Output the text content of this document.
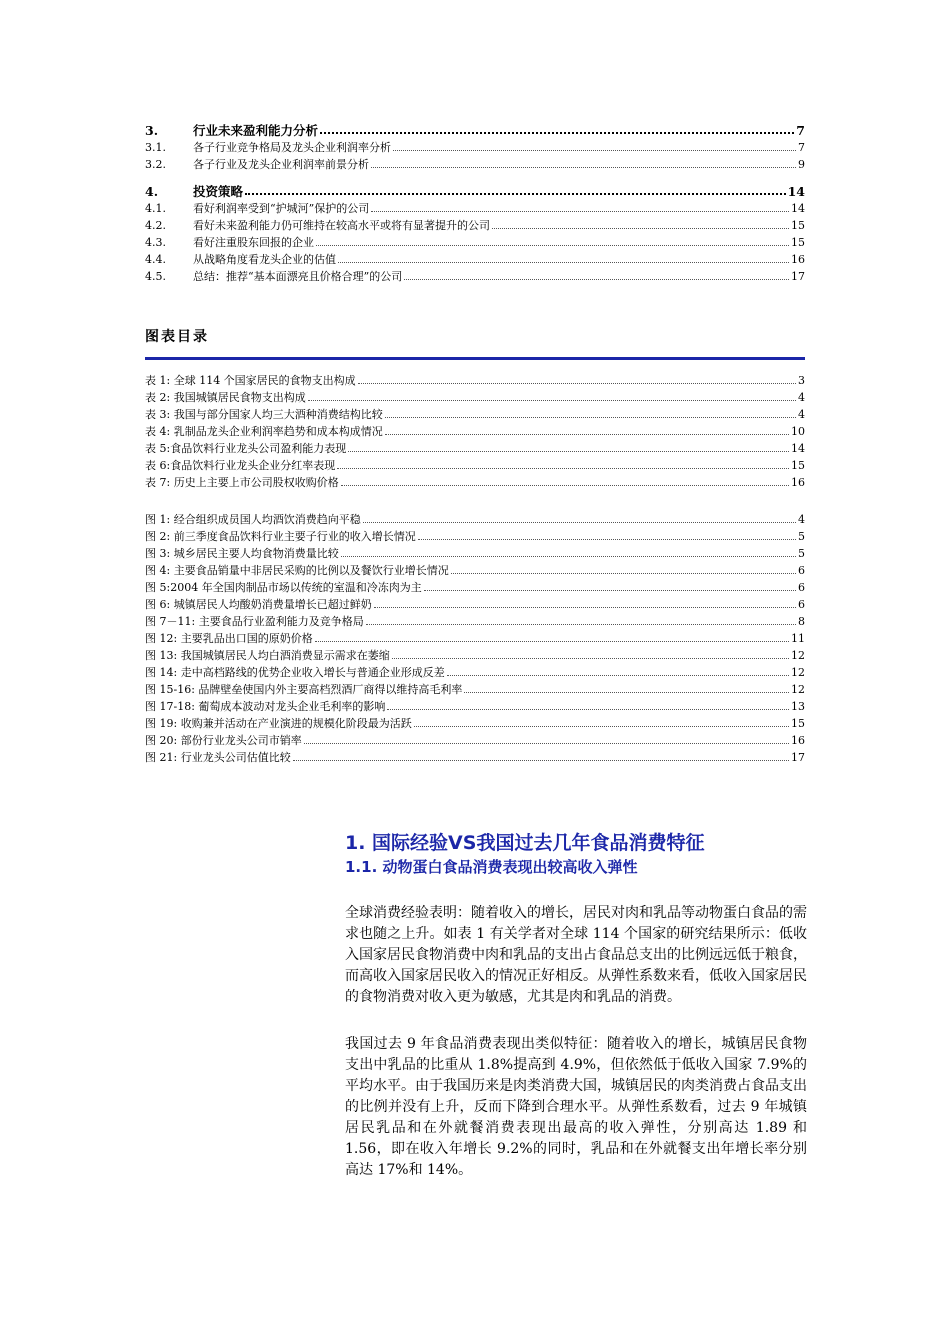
3.	行业未来盈利能力分析	7
3.1.	各子行业竞争格局及龙头企业利润率分析	7
3.2.	各子行业及龙头企业利润率前景分析	9
4.	投资策略	14
4.1.	看好利润率受到“护城河”保护的公司	14
4.2.	看好未来盈利能力仍可维持在较高水平或将有显著提升的公司	15
4.3.	看好注重股东回报的企业	15
4.4.	从战略角度看龙头企业的估值	16
4.5.	总结：推荐“基本面漂亮且价格合理”的公司	17
图表目录
表 1: 全球 114 个国家居民的食物支出构成	3
表 2: 我国城镇居民食物支出构成	4
表 3: 我国与部分国家人均三大酒种消费结构比较	4
表 4: 乳制品龙头企业利润率趋势和成本构成情况	10
表 5:食品饮料行业龙头公司盈利能力表现	14
表 6:食品饮料行业龙头企业分红率表现	15
表 7: 历史上主要上市公司股权收购价格	16
图 1: 经合组织成员国人均酒饮消费趋向平稳	4
图 2: 前三季度食品饮料行业主要子行业的收入增长情况	5
图 3: 城乡居民主要人均食物消费量比较	5
图 4: 主要食品销量中非居民采购的比例以及餐饮行业增长情况	6
图 5:2004 年全国肉制品市场以传统的室温和冷冻肉为主	6
图 6: 城镇居民人均酸奶消费量增长已超过鲜奶	6
图 7－11: 主要食品行业盈利能力及竞争格局	8
图 12: 主要乳品出口国的原奶价格	11
图 13: 我国城镇居民人均白酒消费显示需求在萎缩	12
图 14: 走中高档路线的优势企业收入增长与普通企业形成反差	12
图 15-16: 品牌壁垒使国内外主要高档烈酒厂商得以维持高毛利率	12
图 17-18: 葡萄成本波动对龙头企业毛利率的影响	13
图 19: 收购兼并活动在产业演进的规模化阶段最为活跃	15
图 20: 部份行业龙头公司市销率	16
图 21: 行业龙头公司估值比较	17
1. 国际经验VS我国过去几年食品消费特征
1.1. 动物蛋白食品消费表现出较高收入弹性

全球消费经验表明：随着收入的增长，居民对肉和乳品等动物蛋白食品的需求也随之上升。如表 1 有关学者对全球 114 个国家的研究结果所示：低收入国家居民食物消费中肉和乳品的支出占食品总支出的比例远远低于粮食，而高收入国家居民收入的情况正好相反。从弹性系数来看，低收入国家居民的食物消费对收入更为敏感，尤其是肉和乳品的消费。

我国过去 9 年食品消费表现出类似特征：随着收入的增长，城镇居民食物支出中乳品的比重从 1.8%提高到 4.9%，但依然低于低收入国家 7.9%的平均水平。由于我国历来是肉类消费大国，城镇居民的肉类消费占食品支出的比例并没有上升，反而下降到合理水平。从弹性系数看，过去 9 年城镇居民乳品和在外就餐消费表现出最高的收入弹性，分别高达 1.89 和 1.56，即在收入年增长 9.2%的同时，乳品和在外就餐支出年增长率分别高达 17%和 14%。
